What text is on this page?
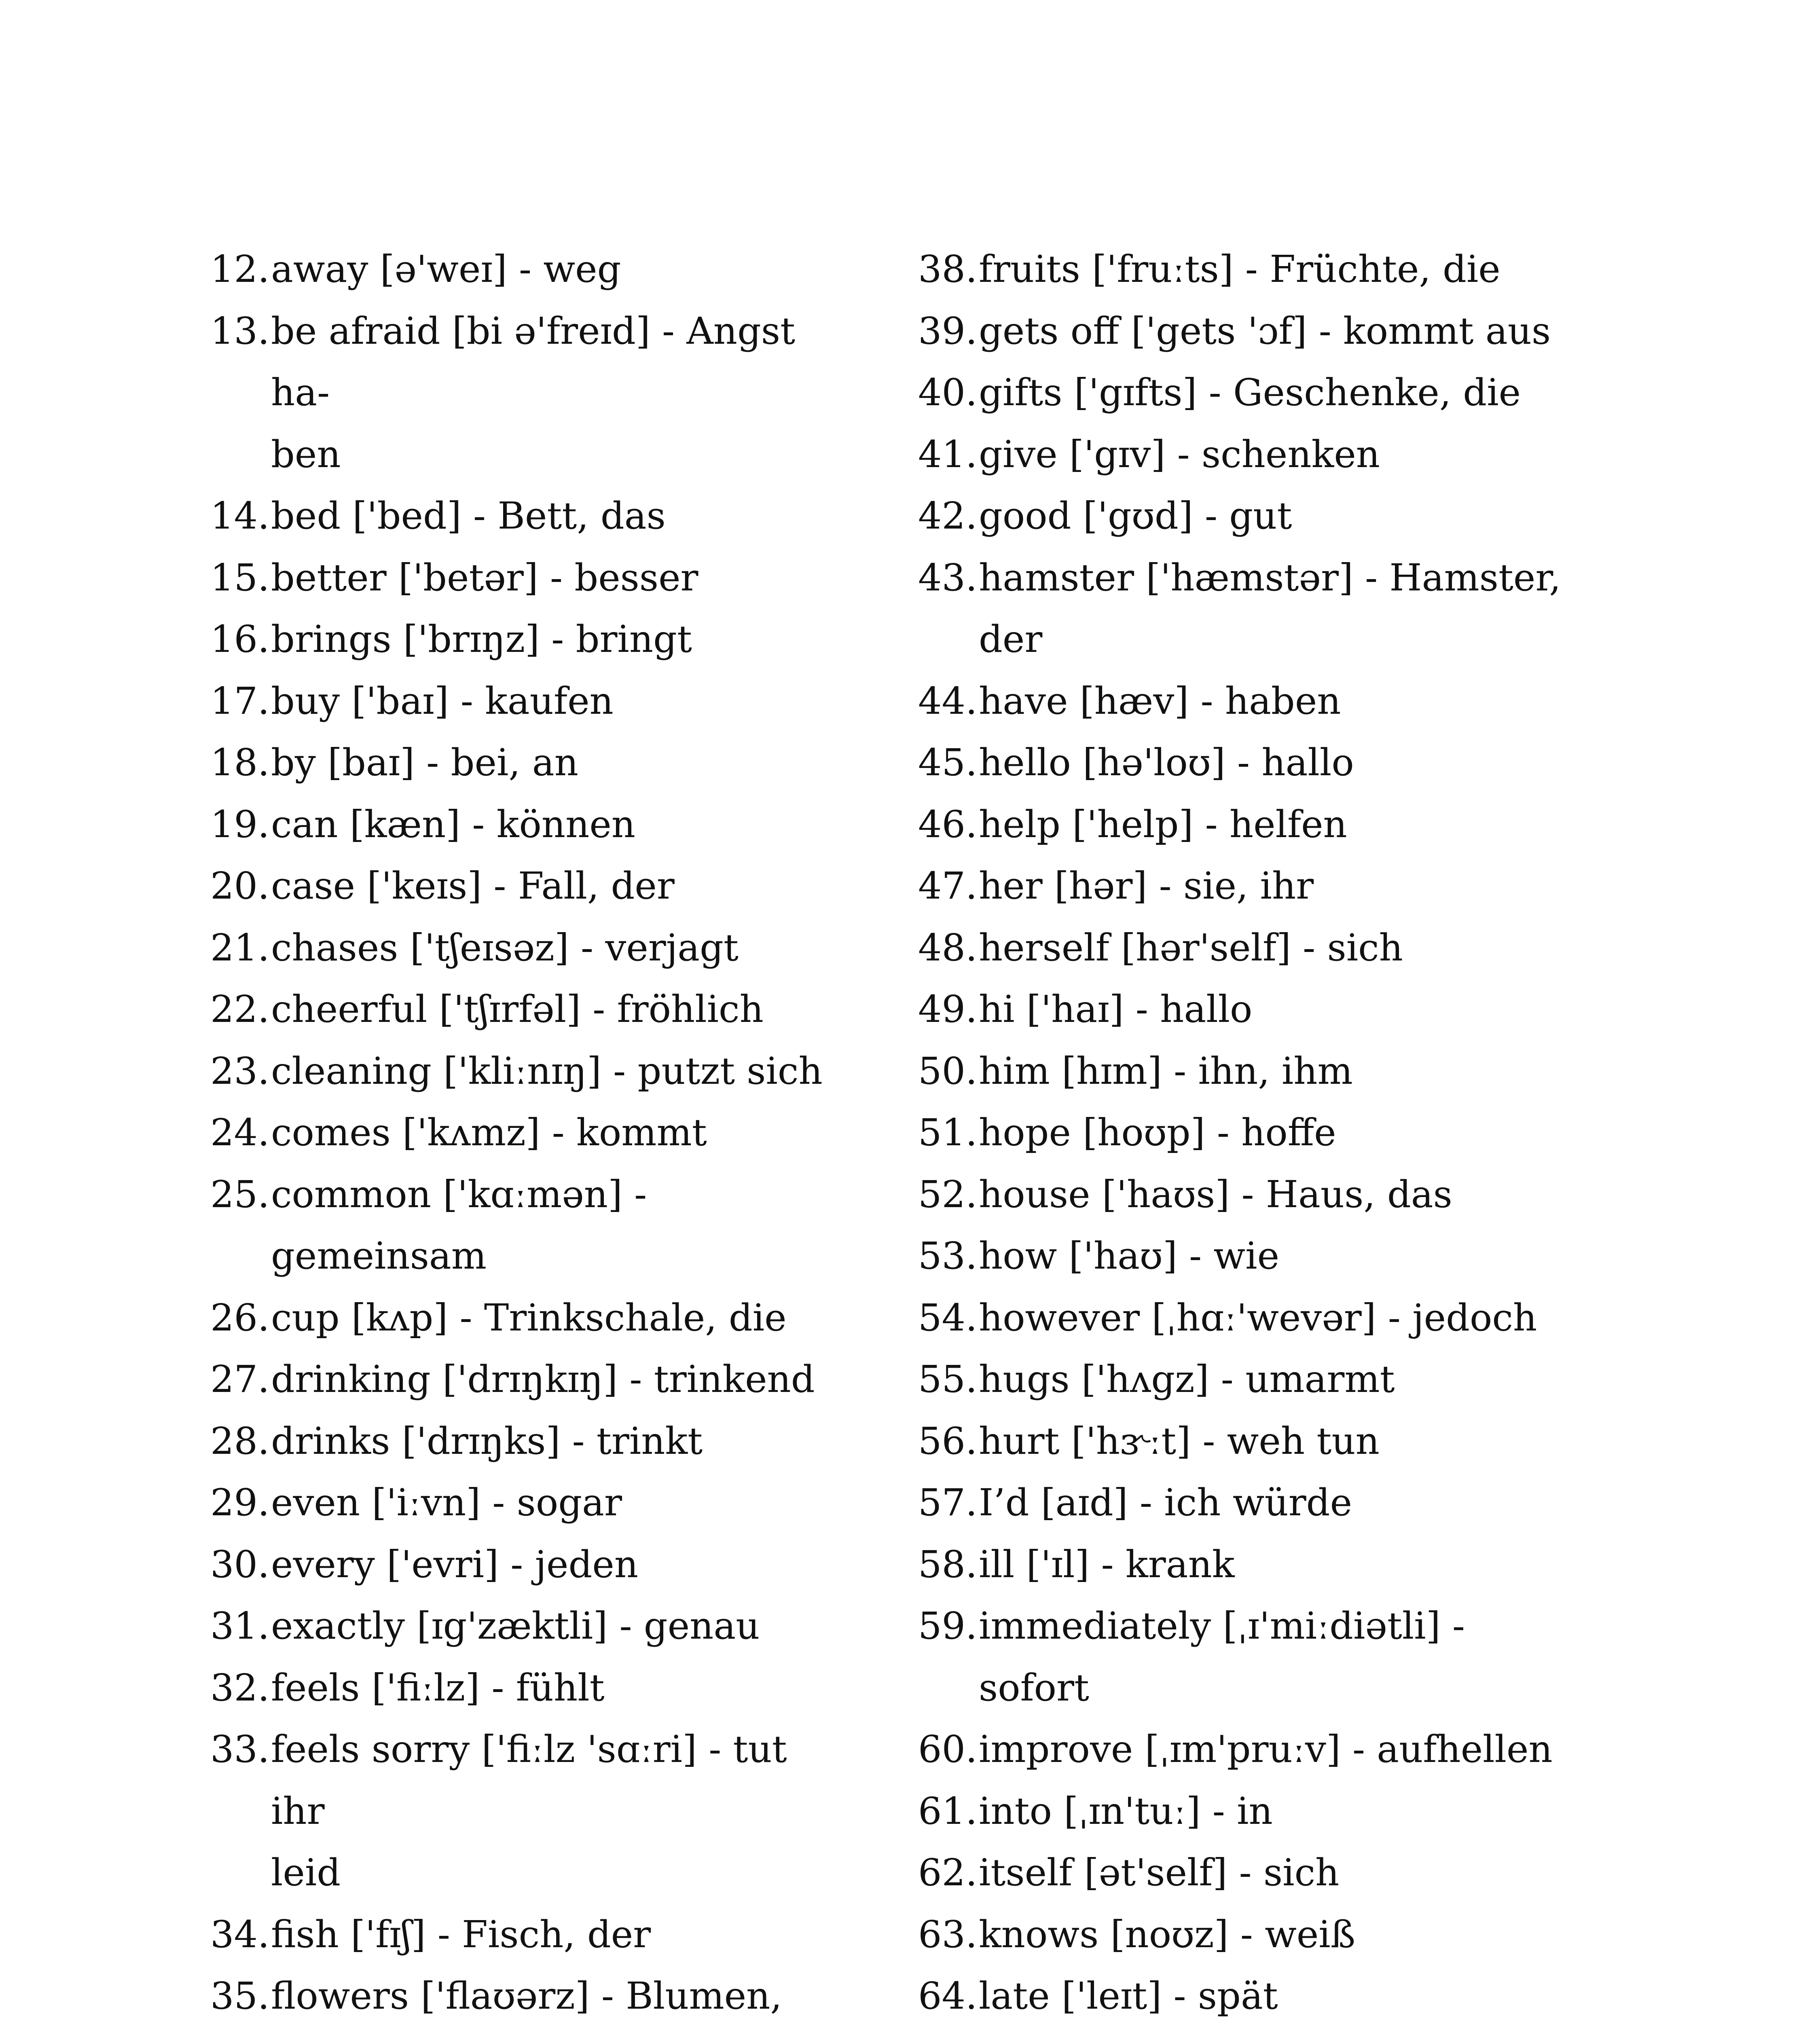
12. away [ə'weɪ] - weg
13. be afraid [bi ə'freɪd] - Angst ha-
ben
14. bed ['bed] - Bett, das
15. better ['betər] - besser
16. brings ['brɪŋz] - bringt
17. buy ['baɪ] - kaufen
18. by [baɪ] - bei, an
19. can [kæn] - können
20. case ['keɪs] - Fall, der
21. chases ['tʃeɪsəz] - verjagt
22. cheerful ['tʃɪrfəl] - fröhlich
23. cleaning ['kliːnɪŋ] - putzt sich
24. comes ['kʌmz] - kommt
25. common ['kɑːmən] - gemeinsam
26. cup [kʌp] - Trinkschale, die
27. drinking ['drɪŋkɪŋ] - trinkend
28. drinks ['drɪŋks] - trinkt
29. even ['iːvn] - sogar
30. every ['evri] - jeden
31. exactly [ɪg'zæktli] - genau
32. feels ['fiːlz] - fühlt
33. feels sorry ['fiːlz 'sɑːri] - tut ihr
leid
34. fish ['fɪʃ] - Fisch, der
35. flowers ['flaʊərz] - Blumen,
38. fruits ['fruːts] - Früchte, die
39. gets off ['gets 'ɔf] - kommt aus
40. gifts ['gɪfts] - Geschenke, die
41. give ['gɪv] - schenken
42. good ['gʊd] - gut
43. hamster ['hæmstər] - Hamster,
der
44. have [hæv] - haben
45. hello [hə'loʊ] - hallo
46. help ['help] - helfen
47. her [hər] - sie, ihr
48. herself [hər'self] - sich
49. hi ['haɪ] - hallo
50. him [hɪm] - ihn, ihm
51. hope [hoʊp] - hoffe
52. house ['haʊs] - Haus, das
53. how ['haʊ] - wie
54. however [ˌhɑː'wevər] - jedoch
55. hugs ['hʌgz] - umarmt
56. hurt ['hɝːt] - weh tun
57. I’d [aɪd] - ich würde
58. ill ['ɪl] - krank
59. immediately [ˌɪ'miːdiətli] - sofort
60. improve [ˌɪm'pruːv] - aufhellen
61. into [ˌɪn'tuː] - in
62. itself [ət'self] - sich
63. knows [noʊz] - weiß
64. late ['leɪt] - spät
